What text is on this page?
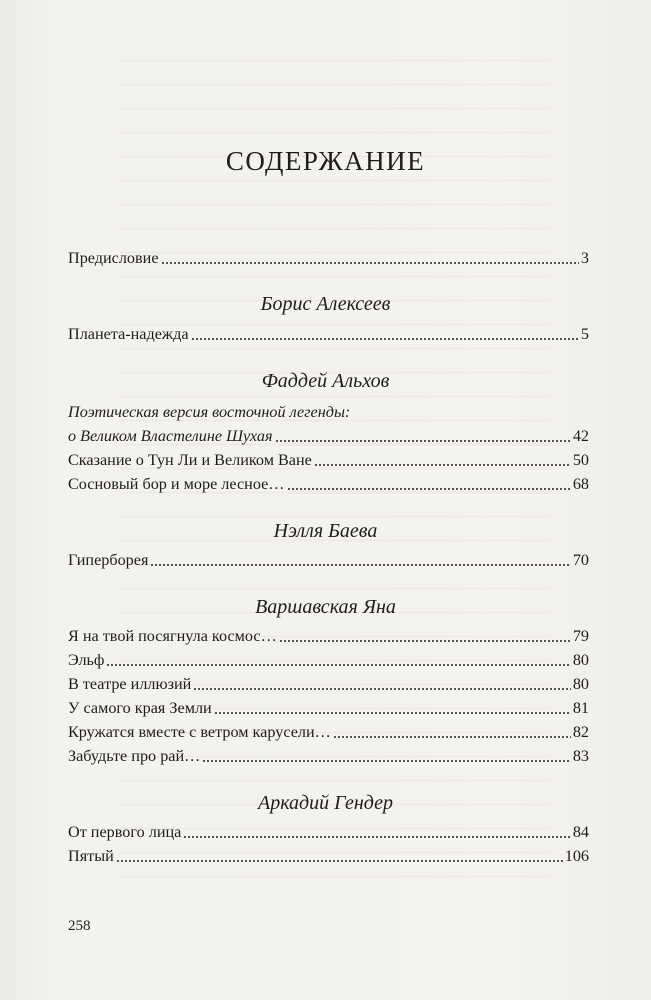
СОДЕРЖАНИЕ
Предисловие	3
Борис Алексеев
Планета-надежда	5
Фаддей Альхов
Поэтическая версия восточной легенды:
о Великом Властелине Шухая	42
Сказание о Тун Ли и Великом Ване	50
Сосновый бор и море лесное…	68
Нэлля Баева
Гиперборея	70
Варшавская Яна
Я на твой посягнула космос…	79
Эльф	80
В театре иллюзий	80
У самого края Земли	81
Кружатся вместе с ветром карусели…	82
Забудьте про рай…	83
Аркадий Гендер
От первого лица	84
Пятый	106
258
